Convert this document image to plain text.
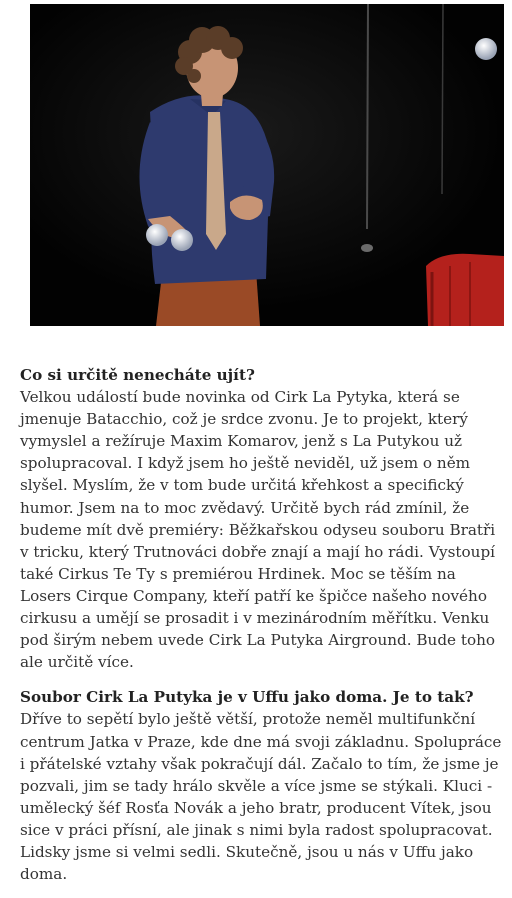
Co si určitě nenecháte ujít?
Velkou událostí bude novinka od Cirk La Pytyka, která se jmenuje Batacchio, což je srdce zvonu. Je to projekt, který vymyslel a režíruje Maxim Komarov, jenž s La Putykou už spolupracoval. I když jsem ho ještě neviděl, už jsem o něm slyšel. Myslím, že v tom bude určitá křehkost a specifický humor. Jsem na to moc zvědavý. Určitě bych rád zmínil, že budeme mít dvě premiéry: Běžkařskou odyseu souboru Bratři v tricku, který Trutnováci dobře znají a mají ho rádi. Vystoupí také Cirkus Te Ty s premiérou Hrdinek. Moc se těším na Losers Cirque Company, kteří patří ke špičce našeho nového cirkusu a umějí se prosadit i v mezinárodním měřítku. Venku pod širým nebem uvede Cirk La Putyka Airground. Bude toho ale určitě více.
Soubor Cirk La Putyka je v Uffu jako doma. Je to tak?
Dříve to sepětí bylo ještě větší, protože neměl multifunkční centrum Jatka v Praze, kde dne má svoji základnu. Spolupráce i přátelské vztahy však pokračují dál. Začalo to tím, že jsme je pozvali, jim se tady hrálo skvěle a více jsme se stýkali. Kluci - umělecký šéf Rosťa Novák a jeho bratr, producent Vítek, jsou sice v práci přísní, ale jinak s nimi byla radost spolupracovat. Lidsky jsme si velmi sedli. Skutečně, jsou u nás v Uffu jako doma.
